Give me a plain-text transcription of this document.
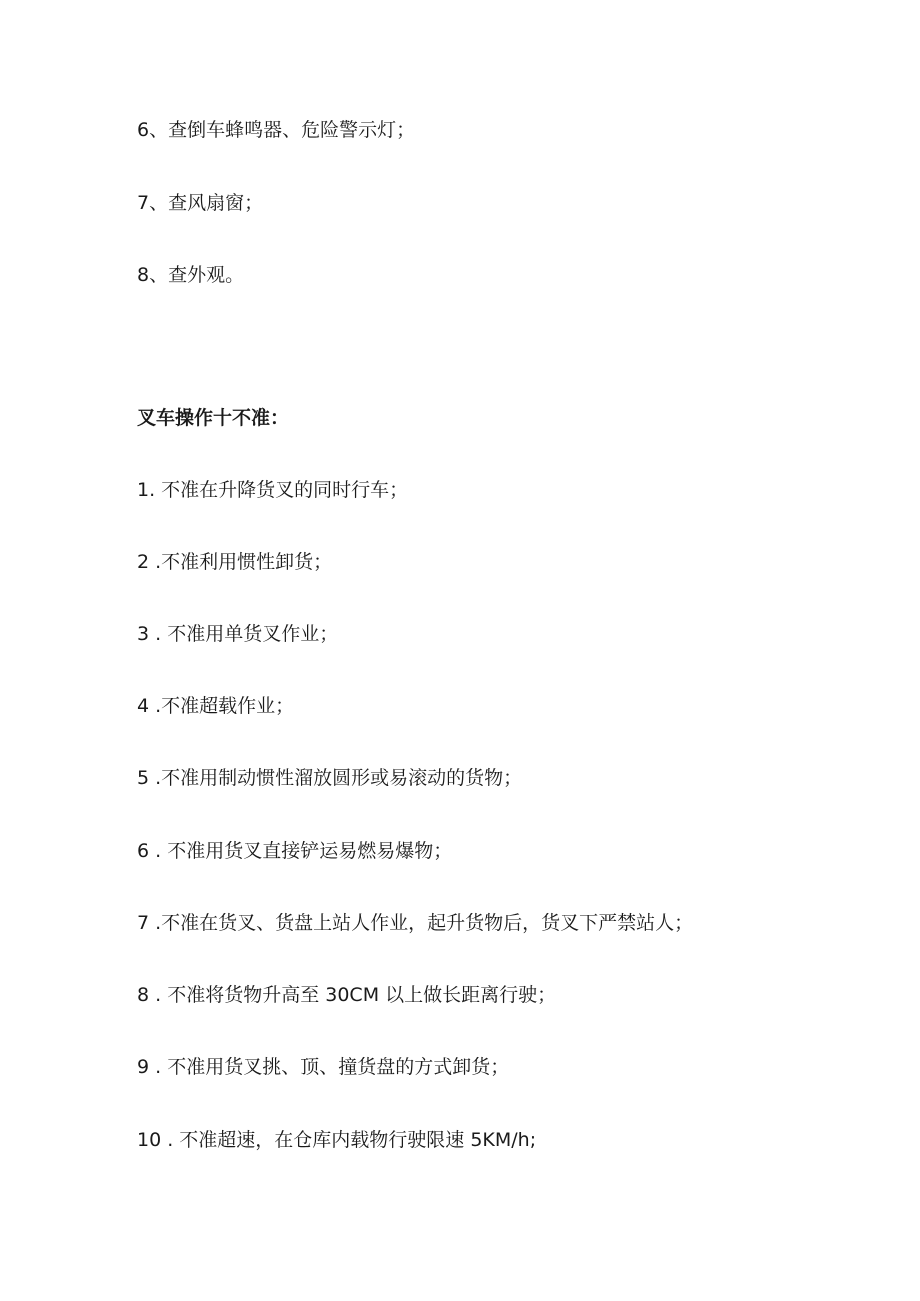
6、查倒车蜂鸣器、危险警示灯；
7、查风扇窗；
8、查外观。
叉车操作十不准：
1. 不准在升降货叉的同时行车；
2 .不准利用惯性卸货；
3 . 不准用单货叉作业；
4 .不准超载作业；
5 .不准用制动惯性溜放圆形或易滚动的货物；
6 . 不准用货叉直接铲运易燃易爆物；
7 .不准在货叉、货盘上站人作业，起升货物后，货叉下严禁站人；
8 . 不准将货物升高至 30CM 以上做长距离行驶；
9 . 不准用货叉挑、顶、撞货盘的方式卸货；
10 . 不准超速，在仓库内载物行驶限速 5KM/h;
